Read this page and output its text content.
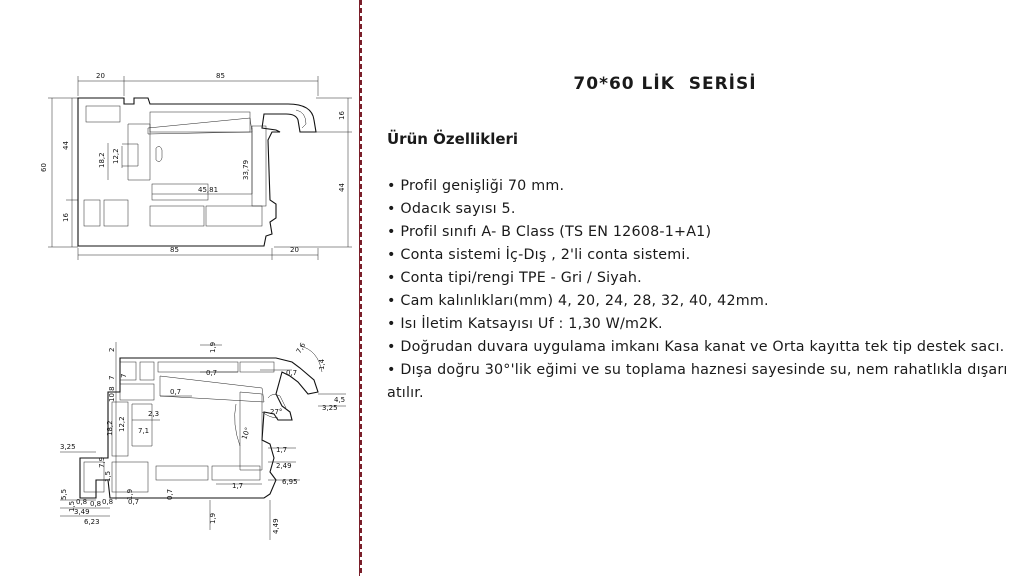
20	85
60
44
16
18,2 12,2
45,81
33,79
16
44
85	20
2
7
10,8
7
18,2 12,2 7,1
2,3
0,7
0,7	0,7
1,9	7,6
1,4
27°
4,5
3,25
3,25
10°
1,7
2,49
6,95
1,7
0,7
1,9
7,9
1,5
5,5
1,5 0,8 0,8 0,8 0,7
3,49
6,23
1,9
4,49
70*60 LİK  SERİSİ
Ürün Özellikleri
• Profil genişliği 70 mm.
• Odacık sayısı 5.
• Profil sınıfı A- B Class (TS EN 12608-1+A1)
• Conta sistemi İç-Dış , 2'li conta sistemi.
• Conta tipi/rengi TPE - Gri / Siyah.
• Cam kalınlıkları(mm) 4, 20, 24, 28, 32, 40, 42mm.
• Isı İletim Katsayısı Uf : 1,30 W/m2K.
• Doğrudan duvara uygulama imkanı Kasa kanat ve Orta kayıtta tek tip destek sacı.
• Dışa doğru 30°'lik eğimi ve su toplama haznesi sayesinde su, nem rahatlıkla dışarı atılır.
